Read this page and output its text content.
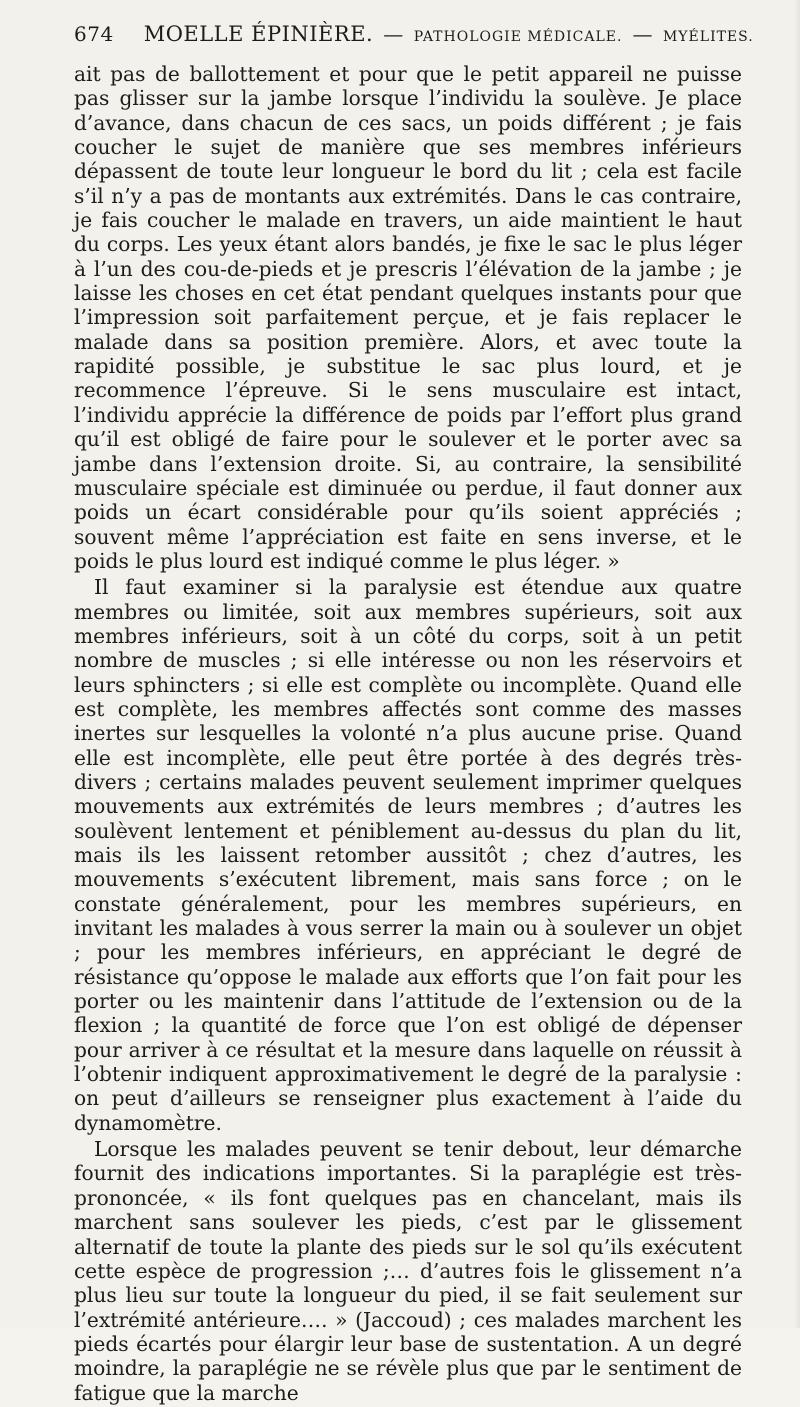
674 MOELLE ÉPINIÈRE. — PATHOLOGIE MÉDICALE. — MYÉLITES.

ait pas de ballottement et pour que le petit appareil ne puisse pas glisser sur la jambe lorsque l’individu la soulève. Je place d’avance, dans chacun de ces sacs, un poids différent ; je fais coucher le sujet de manière que ses membres inférieurs dépassent de toute leur longueur le bord du lit ; cela est facile s’il n’y a pas de montants aux extrémités. Dans le cas contraire, je fais coucher le malade en travers, un aide maintient le haut du corps. Les yeux étant alors bandés, je fixe le sac le plus léger à l’un des cou-de-pieds et je prescris l’élévation de la jambe ; je laisse les choses en cet état pendant quelques instants pour que l’impression soit parfaitement perçue, et je fais replacer le malade dans sa position première. Alors, et avec toute la rapidité possible, je substitue le sac plus lourd, et je recommence l’épreuve. Si le sens musculaire est intact, l’individu apprécie la différence de poids par l’effort plus grand qu’il est obligé de faire pour le soulever et le porter avec sa jambe dans l’extension droite. Si, au contraire, la sensibilité musculaire spéciale est diminuée ou perdue, il faut donner aux poids un écart considérable pour qu’ils soient appréciés ; souvent même l’appréciation est faite en sens inverse, et le poids le plus lourd est indiqué comme le plus léger. »

Il faut examiner si la paralysie est étendue aux quatre membres ou limitée, soit aux membres supérieurs, soit aux membres inférieurs, soit à un côté du corps, soit à un petit nombre de muscles ; si elle intéresse ou non les réservoirs et leurs sphincters ; si elle est complète ou incomplète. Quand elle est complète, les membres affectés sont comme des masses inertes sur lesquelles la volonté n’a plus aucune prise. Quand elle est incomplète, elle peut être portée à des degrés très-divers ; certains malades peuvent seulement imprimer quelques mouvements aux extrémités de leurs membres ; d’autres les soulèvent lentement et péniblement au-dessus du plan du lit, mais ils les laissent retomber aussitôt ; chez d’autres, les mouvements s’exécutent librement, mais sans force ; on le constate généralement, pour les membres supérieurs, en invitant les malades à vous serrer la main ou à soulever un objet ; pour les membres inférieurs, en appréciant le degré de résistance qu’oppose le malade aux efforts que l’on fait pour les porter ou les maintenir dans l’attitude de l’extension ou de la flexion ; la quantité de force que l’on est obligé de dépenser pour arriver à ce résultat et la mesure dans laquelle on réussit à l’obtenir indiquent approximativement le degré de la paralysie : on peut d’ailleurs se renseigner plus exactement à l’aide du dynamomètre.

Lorsque les malades peuvent se tenir debout, leur démarche fournit des indications importantes. Si la paraplégie est très-prononcée, « ils font quelques pas en chancelant, mais ils marchent sans soulever les pieds, c’est par le glissement alternatif de toute la plante des pieds sur le sol qu’ils exécutent cette espèce de progression ;… d’autres fois le glissement n’a plus lieu sur toute la longueur du pied, il se fait seulement sur l’extrémité antérieure…. » (Jaccoud) ; ces malades marchent les pieds écartés pour élargir leur base de sustentation. A un degré moindre, la paraplégie ne se révèle plus que par le sentiment de fatigue que la marche
